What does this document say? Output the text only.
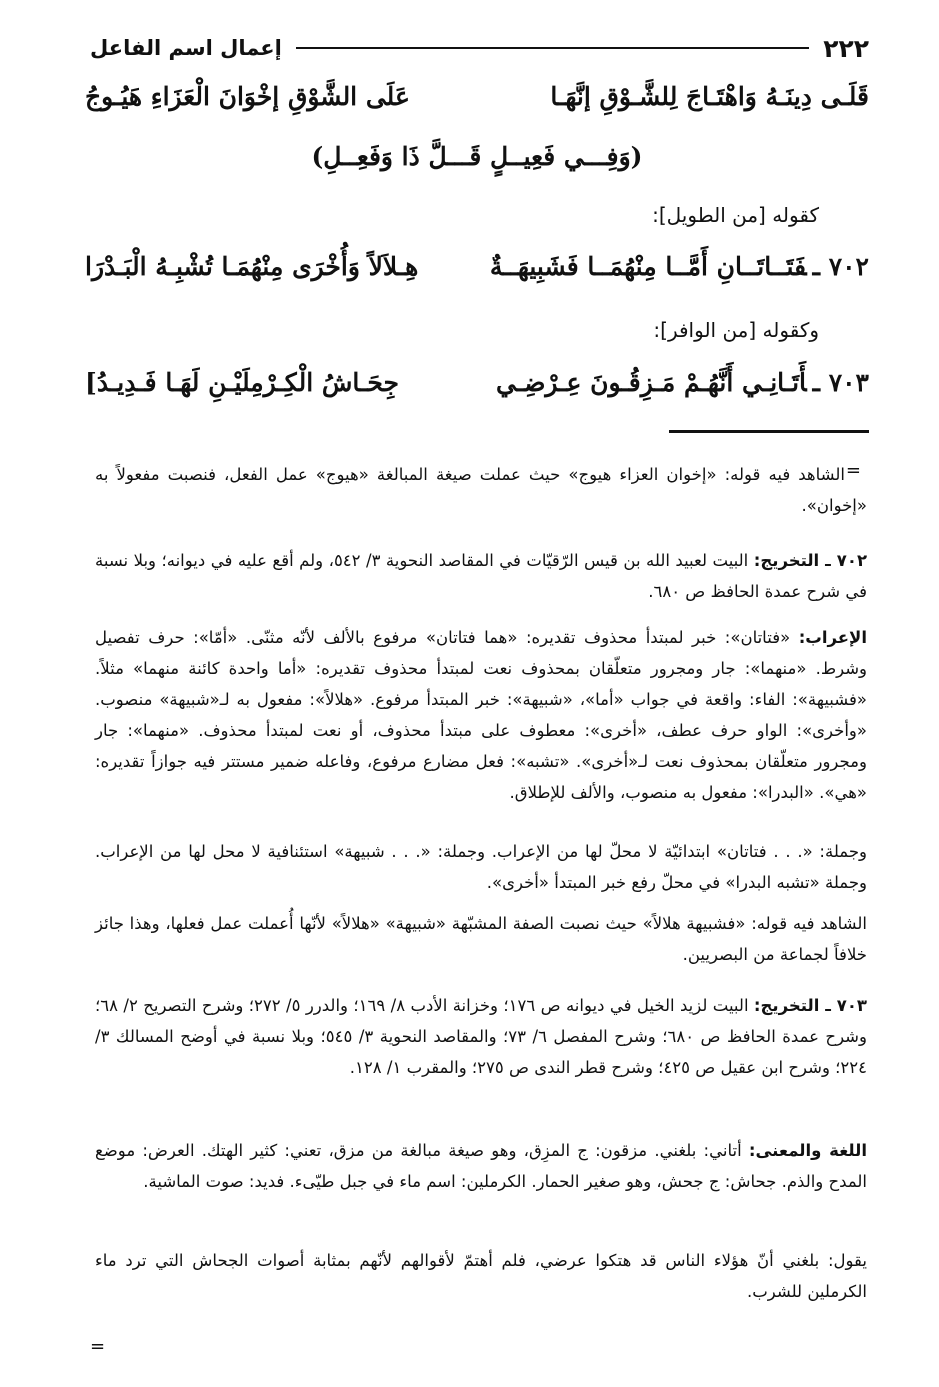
٢٢٢
إعمال اسم الفاعل
قَلَـى دِينَـهُ وَاهْتَـاجَ لِلشَّـوْقِ إنَّهَـا
عَلَى الشَّوْقِ إخْوَانَ الْعَزَاءِ هَيُـوجُ
(وَفِـــي فَعِيــلٍ قَـــلَّ ذَا وَفَعِــلِ)
كقوله [من الطويل]:
٧٠٢ ـفَتَــاتَــانِ أَمَّــا مِنْهُمَــا فَشَبِيهَــةٌ
هِـلاَلاً وَأُخْرَى مِنْهُمَـا تُشْبِـهُ الْبَـدْرَا
وكقوله [من الوافر]:
٧٠٣ ـأَتَـانِـي أَنَّهُـمْ مَـزِقُـونَ عِـرْضِـي
جِحَـاشُ الْكِـرْمِلَيْـنِ لَهَـا فَـدِيـدُ]
=
الشاهد فيه قوله: «إخوان العزاء هيوج» حيث عملت صيغة المبالغة «هيوج» عمل الفعل، فنصبت مفعولاً به «إخوان».
٧٠٢ ـ التخريج: البيت لعبيد الله بن قيس الرّقيّات في المقاصد النحوية ٣/ ٥٤٢، ولم أقع عليه في ديوانه؛ وبلا نسبة في شرح عمدة الحافظ ص ٦٨٠.
الإعراب: «فتاتان»: خبر لمبتدأ محذوف تقديره: «هما فتاتان» مرفوع بالألف لأنّه مثنّى. «أمّا»: حرف تفصيل وشرط. «منهما»: جار ومجرور متعلّقان بمحذوف نعت لمبتدأ محذوف تقديره: «أما واحدة كائنة منهما» مثلاً. «فشبيهة»: الفاء: واقعة في جواب «أما»، «شبيهة»: خبر المبتدأ مرفوع. «هلالاً»: مفعول به لـ«شبيهة» منصوب. «وأخرى»: الواو حرف عطف، «أخرى»: معطوف على مبتدأ محذوف، أو نعت لمبتدأ محذوف. «منهما»: جار ومجرور متعلّقان بمحذوف نعت لـ«أخرى». «تشبه»: فعل مضارع مرفوع، وفاعله ضمير مستتر فيه جوازاً تقديره: «هي». «البدرا»: مفعول به منصوب، والألف للإطلاق.
وجملة: «. . . فتاتان» ابتدائيّة لا محلّ لها من الإعراب. وجملة: «. . . شبيهة» استئنافية لا محل لها من الإعراب. وجملة «تشبه البدرا» في محلّ رفع خبر المبتدأ «أخرى».
الشاهد فيه قوله: «فشبيهة هلالاً» حيث نصبت الصفة المشبّهة «شبيهة» «هلالاً» لأنّها أُعملت عمل فعلها، وهذا جائز خلافاً لجماعة من البصريين.
٧٠٣ ـ التخريج: البيت لزيد الخيل في ديوانه ص ١٧٦؛ وخزانة الأدب ٨/ ١٦٩؛ والدرر ٥/ ٢٧٢؛ وشرح التصريح ٢/ ٦٨؛ وشرح عمدة الحافظ ص ٦٨٠؛ وشرح المفصل ٦/ ٧٣؛ والمقاصد النحوية ٣/ ٥٤٥؛ وبلا نسبة في أوضح المسالك ٣/ ٢٢٤؛ وشرح ابن عقيل ص ٤٢٥؛ وشرح قطر الندى ص ٢٧٥؛ والمقرب ١/ ١٢٨.
اللغة والمعنى: أتاني: بلغني. مزقون: ج المزِق، وهو صيغة مبالغة من مزق، تعني: كثير الهتك. العرض: موضع المدح والذم. جحاش: ج جحش، وهو صغير الحمار. الكرملين: اسم ماء في جبل طيّىء. فديد: صوت الماشية.
يقول: بلغني أنّ هؤلاء الناس قد هتكوا عرضي، فلم أهتمّ لأقوالهم لأنّهم بمثابة أصوات الجحاش التي ترد ماء الكرملين للشرب.
=
